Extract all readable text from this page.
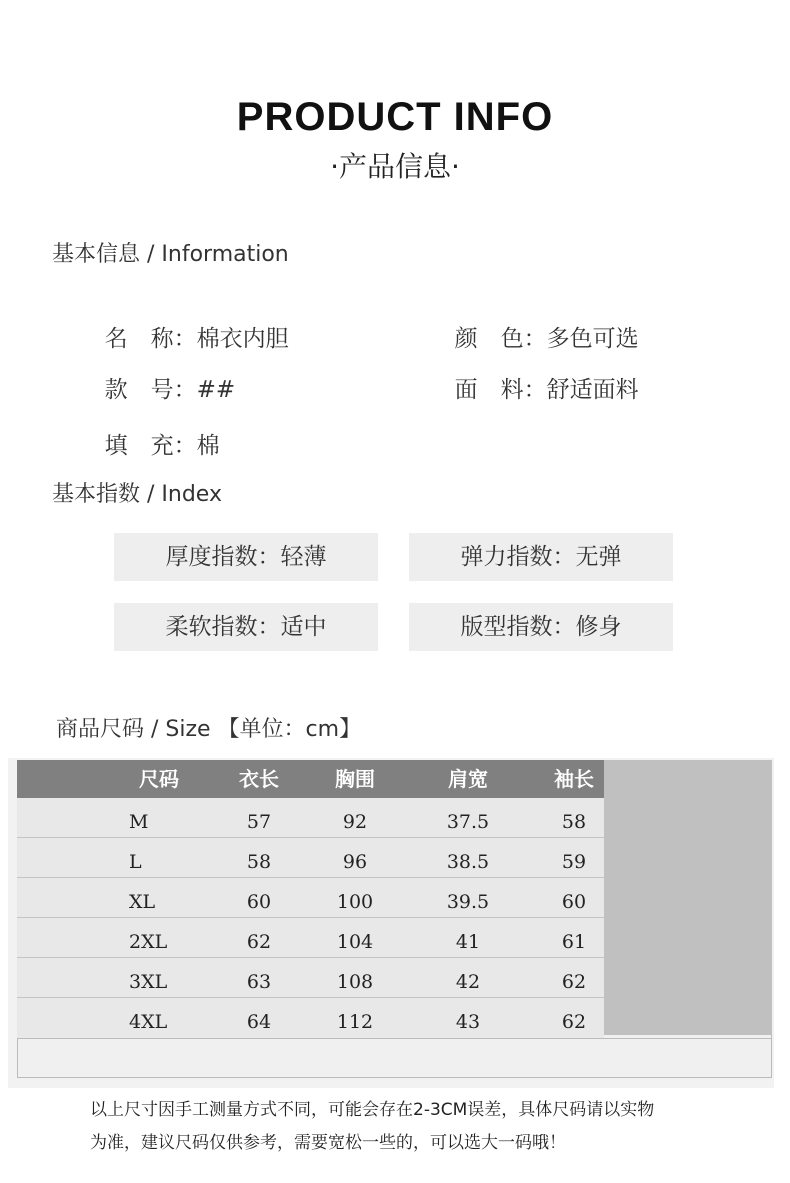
PRODUCT INFO
·产品信息·
基本信息 / Information

名　称：棉衣内胆	颜　色：多色可选

款　号：##	面　料：舒适面料

填　充：棉

基本指数 / Index
厚度指数：轻薄	弹力指数：无弹
柔软指数：适中	版型指数：修身
商品尺码 / Size 【单位：cm】
尺码	衣长	胸围	肩宽	袖长
M	57	92	37.5	58
L	58	96	38.5	59
XL	60	100	39.5	60
2XL	62	104	41	61
3XL	63	108	42	62
4XL	64	112	43	62
以上尺寸因手工测量方式不同，可能会存在2-3CM误差，具体尺码请以实物
为准，建议尺码仅供参考，需要宽松一些的，可以选大一码哦！
